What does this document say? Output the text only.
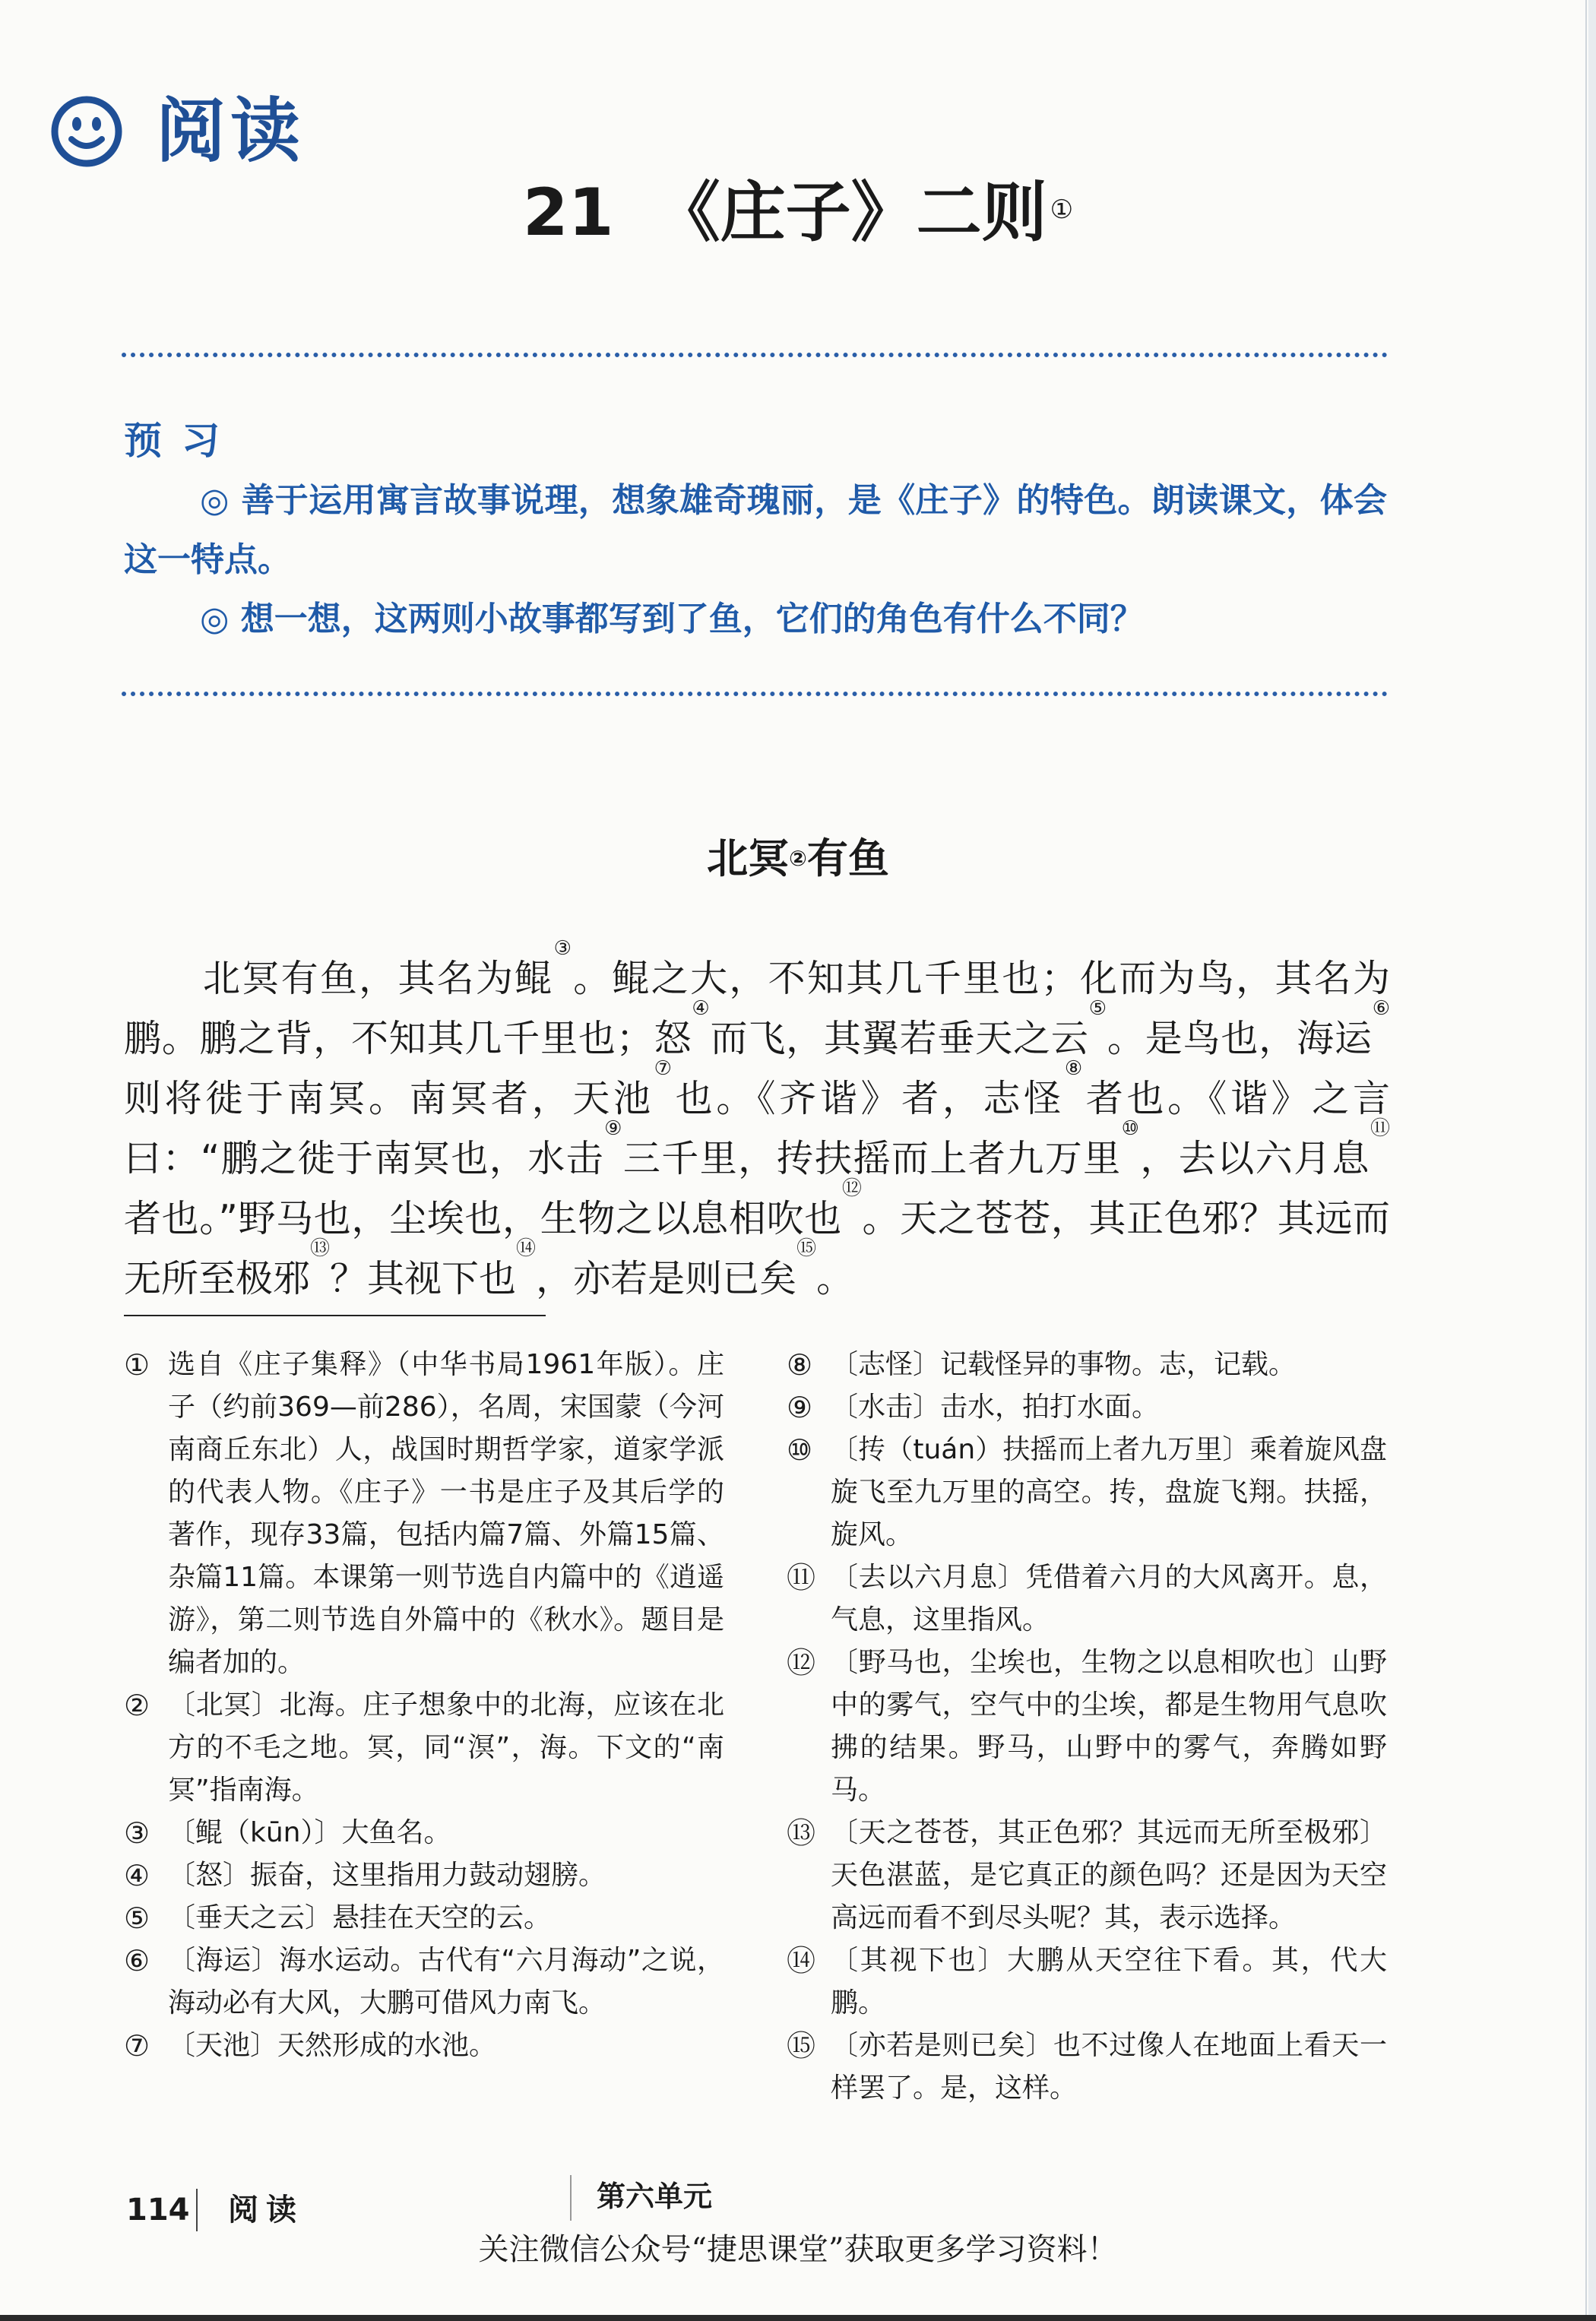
阅读
21 《庄子》二则 ①
预习

◎ 善于运用寓言故事说理，想象雄奇瑰丽，是《庄子》的特色。朗读课文，体会这一特点。

◎ 想一想，这两则小故事都写到了鱼，它们的角色有什么不同？

北冥②有鱼

北冥有鱼，其名为鲲③。鲲之大，不知其几千里也；化而为鸟，其名为鹏。鹏之背，不知其几千里也；怒④而飞，其翼若垂天之云⑤。是鸟也，海运⑥则将徙于南冥。南冥者，天池⑦也。《齐谐》者，志怪⑧者也。《谐》之言曰：“鹏之徙于南冥也，水击⑨三千里，抟扶摇而上者九万里⑩，去以六月息⑪者也。”野马也，尘埃也，生物之以息相吹也⑫。天之苍苍，其正色邪？其远而无所至极邪⑬？其视下也⑭，亦若是则已矣⑮。

① 选自《庄子集释》（中华书局1961年版）。庄子（约前369—前286），名周，宋国蒙（今河南商丘东北）人，战国时期哲学家，道家学派的代表人物。《庄子》一书是庄子及其后学的著作，现存33篇，包括内篇7篇、外篇15篇、杂篇11篇。本课第一则节选自内篇中的《逍遥游》，第二则节选自外篇中的《秋水》。题目是编者加的。
② 〔北冥〕北海。庄子想象中的北海，应该在北方的不毛之地。冥，同“溟”，海。下文的“南冥”指南海。
③ 〔鲲（kūn）〕大鱼名。
④ 〔怒〕振奋，这里指用力鼓动翅膀。
⑤ 〔垂天之云〕悬挂在天空的云。
⑥ 〔海运〕海水运动。古代有“六月海动”之说，海动必有大风，大鹏可借风力南飞。
⑦ 〔天池〕天然形成的水池。
⑧ 〔志怪〕记载怪异的事物。志，记载。
⑨ 〔水击〕击水，拍打水面。
⑩ 〔抟（tuán）扶摇而上者九万里〕乘着旋风盘旋飞至九万里的高空。抟，盘旋飞翔。扶摇，旋风。
⑪ 〔去以六月息〕凭借着六月的大风离开。息，气息，这里指风。
⑫ 〔野马也，尘埃也，生物之以息相吹也〕山野中的雾气，空气中的尘埃，都是生物用气息吹拂的结果。野马，山野中的雾气，奔腾如野马。
⑬ 〔天之苍苍，其正色邪？其远而无所至极邪〕天色湛蓝，是它真正的颜色吗？还是因为天空高远而看不到尽头呢？其，表示选择。
⑭ 〔其视下也〕大鹏从天空往下看。其，代大鹏。
⑮ 〔亦若是则已矣〕也不过像人在地面上看天一样罢了。是，这样。
114 阅读	第六单元
关注微信公众号“捷思课堂”获取更多学习资料！
